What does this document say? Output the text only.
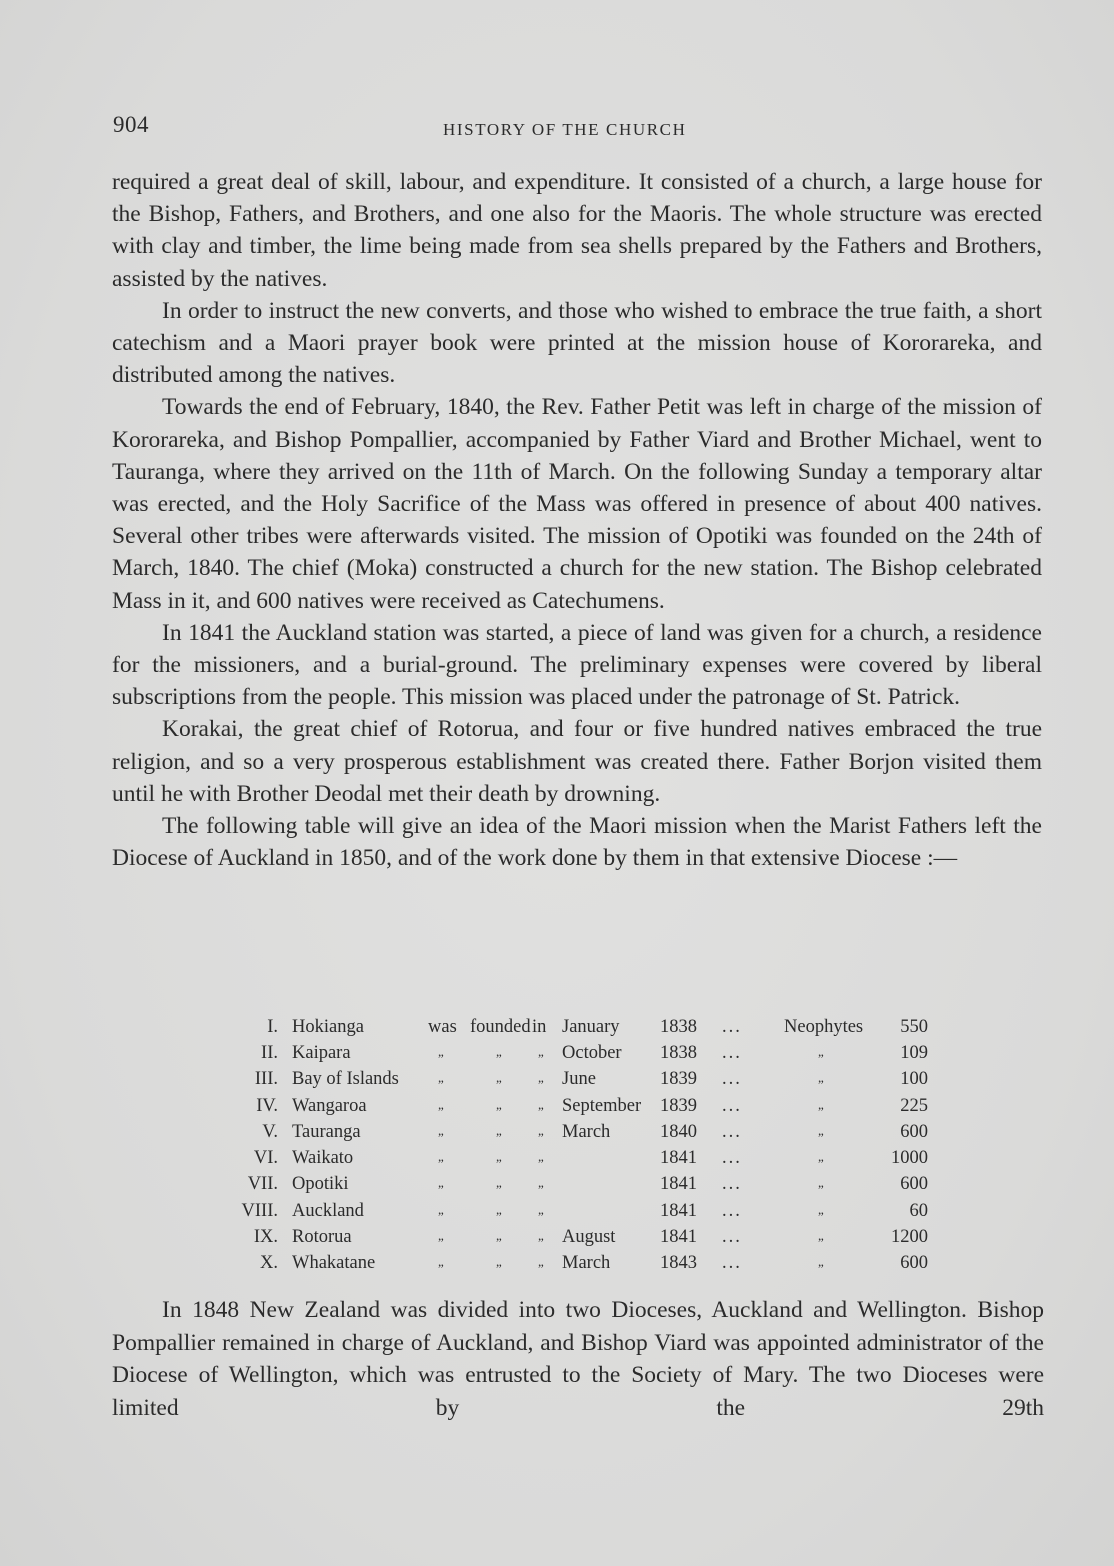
904	HISTORY OF THE CHURCH

required a great deal of skill, labour, and expenditure. It consisted of a church, a large house for the Bishop, Fathers, and Brothers, and one also for the Maoris. The whole structure was erected with clay and timber, the lime being made from sea shells prepared by the Fathers and Brothers, assisted by the natives.

In order to instruct the new converts, and those who wished to embrace the true faith, a short catechism and a Maori prayer book were printed at the mission house of Kororareka, and distributed among the natives.

Towards the end of February, 1840, the Rev. Father Petit was left in charge of the mission of Kororareka, and Bishop Pompallier, accompanied by Father Viard and Brother Michael, went to Tauranga, where they arrived on the 11th of March. On the following Sunday a temporary altar was erected, and the Holy Sacrifice of the Mass was offered in presence of about 400 natives. Several other tribes were afterwards visited. The mission of Opotiki was founded on the 24th of March, 1840. The chief (Moka) constructed a church for the new station. The Bishop celebrated Mass in it, and 600 natives were received as Catechumens.

In 1841 the Auckland station was started, a piece of land was given for a church, a residence for the missioners, and a burial-ground. The preliminary expenses were covered by liberal subscriptions from the people. This mission was placed under the patronage of St. Patrick.

Korakai, the great chief of Rotorua, and four or five hundred natives embraced the true religion, and so a very prosperous establishment was created there. Father Borjon visited them until he with Brother Deodal met their death by drowning.

The following table will give an idea of the Maori mission when the Marist Fathers left the Diocese of Auckland in 1850, and of the work done by them in that extensive Diocese :—

I.	Hokianga	was	founded	in	January	1838	...	Neophytes	550
II.	Kaipara	„	„	„	October	1838	...	„	109
III.	Bay of Islands	„	„	„	June	1839	...	„	100
IV.	Wangaroa	„	„	„	September	1839	...	„	225
V.	Tauranga	„	„	„	March	1840	...	„	600
VI.	Waikato	„	„	„		1841	...	„	1000
VII.	Opotiki	„	„	„		1841	...	„	600
VIII.	Auckland	„	„	„		1841	...	„	60
IX.	Rotorua	„	„	„	August	1841	...	„	1200
X.	Whakatane	„	„	„	March	1843	...	„	600

In 1848 New Zealand was divided into two Dioceses, Auckland and Wellington. Bishop Pompallier remained in charge of Auckland, and Bishop Viard was appointed administrator of the Diocese of Wellington, which was entrusted to the Society of Mary. The two Dioceses were limited by the 29th
